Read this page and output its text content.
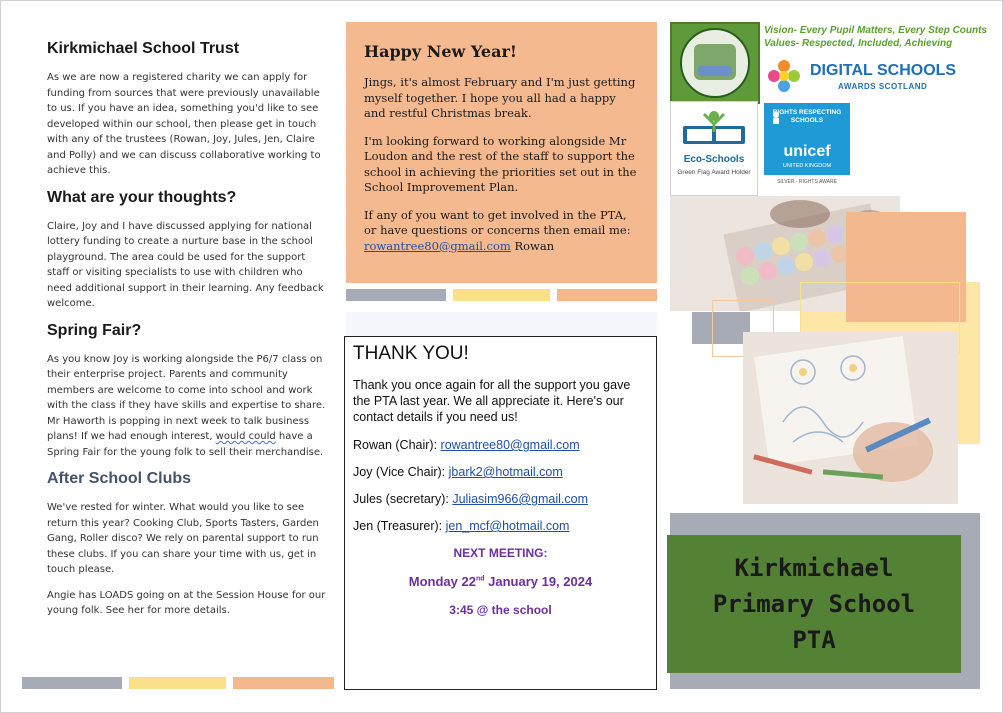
Kirkmichael School Trust

As we are now a registered charity we can apply for funding from sources that were previously unavailable to us. If you have an idea, something you'd like to see developed within our school, then please get in touch with any of the trustees (Rowan, Joy, Jules, Jen, Claire and Polly) and we can discuss collaborative working to achieve this.

What are your thoughts?

Claire, Joy and I have discussed applying for national lottery funding to create a nurture base in the school playground. The area could be used for the support staff or visiting specialists to use with children who need additional support in their learning. Any feedback welcome.

Spring Fair?

As you know Joy is working alongside the P6/7 class on their enterprise project. Parents and community members are welcome to come into school and work with the class if they have skills and expertise to share. Mr Haworth is popping in next week to talk business plans! If we had enough interest, would could have a Spring Fair for the young folk to sell their merchandise.

After School Clubs

We've rested for winter. What would you like to see return this year? Cooking Club, Sports Tasters, Garden Gang, Roller disco? We rely on parental support to run these clubs. If you can share your time with us, get in touch please.

Angie has LOADS going on at the Session House for our young folk. See her for more details.

Happy New Year!

Jings, it's almost February and I'm just getting myself together. I hope you all had a happy and restful Christmas break.

I'm looking forward to working alongside Mr Loudon and the rest of the staff to support the school in achieving the priorities set out in the School Improvement Plan.

If any of you want to get involved in the PTA, or have questions or concerns then email me: rowantree80@gmail.com Rowan

THANK YOU!

Thank you once again for all the support you gave the PTA last year. We all appreciate it. Here's our contact details if you need us!

Rowan (Chair): rowantree80@gmail.com

Joy (Vice Chair): jbark2@hotmail.com

Jules (secretary): Juliasim966@gmail.com

Jen (Treasurer): jen_mcf@hotmail.com

NEXT MEETING:

Monday 22nd January 19, 2024

3:45 @ the school

Vision- Every Pupil Matters, Every Step Counts
Values- Respected, Included, Achieving
DIGITAL SCHOOLS
AWARDS SCOTLAND
Eco-Schools
Green Flag Award Holder
RIGHTS RESPECTING SCHOOLS
unicef
UNITED KINGDOM
SILVER - RIGHTS AWARE
Kirkmichael
Primary School
PTA
